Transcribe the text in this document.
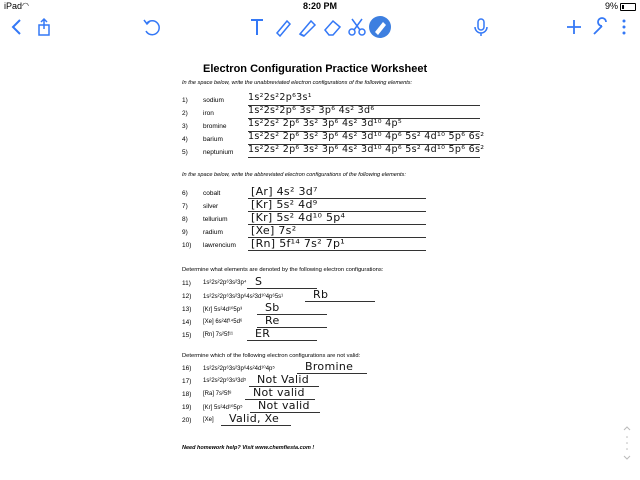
iPad ◠	8:20 PM	9%
Electron Configuration Practice Worksheet
In the space below, write the unabbreviated electron configurations of the following elements:
1) sodium	1s²2s²2p⁶3s¹
2) iron	1s²2s²2p⁶ 3s² 3p⁶ 4s² 3d⁶
3) bromine 1s²2s² 2p⁶ 3s² 3p⁶ 4s² 3d¹⁰ 4p⁵
4) barium	1s²2s² 2p⁶ 3s² 3p⁶ 4s² 3d¹⁰ 4p⁶ 5s² 4d¹⁰ 5p⁶ 6s²
5) neptunium 1s²2s² 2p⁶ 3s² 3p⁶ 4s² 3d¹⁰ 4p⁶ 5s² 4d¹⁰ 5p⁶ 6s²
In the space below, write the abbreviated electron configurations of the following elements:
6) cobalt	[Ar] 4s² 3d⁷
7) silver	[Kr] 5s² 4d⁹
8) tellurium [Kr] 5s² 4d¹⁰ 5p⁴
9) radium	[Xe] 7s²
10) lawrencium [Rn] 5f¹⁴ 7s² 7p¹
Determine what elements are denoted by the following electron configurations:
11) 1s²2s²2p⁶3s²3p⁴ S
12) 1s²2s²2p⁶3s²3p⁶4s²3d¹⁰4p⁶5s¹	Rb
13) [Kr] 5s²4d¹⁰5p³ Sb
14) [Xe] 6s²4f¹⁴5d⁶ Re
15) [Rn] 7s²5f¹¹ ER
Determine which of the following electron configurations are not valid:
16) 1s²2s²2p⁶3s²3p⁶4s²4d¹⁰4p⁵	Bromine
17) 1s²2s²2p⁶3s³3d⁵ Not Valid
18) [Ra] 7s²5f⁸ Not valid
19) [Kr] 5s²4d¹⁰5p⁵ Not valid
20) [Xe] Valid, Xe
Need homework help? Visit www.chemfiesta.com !
